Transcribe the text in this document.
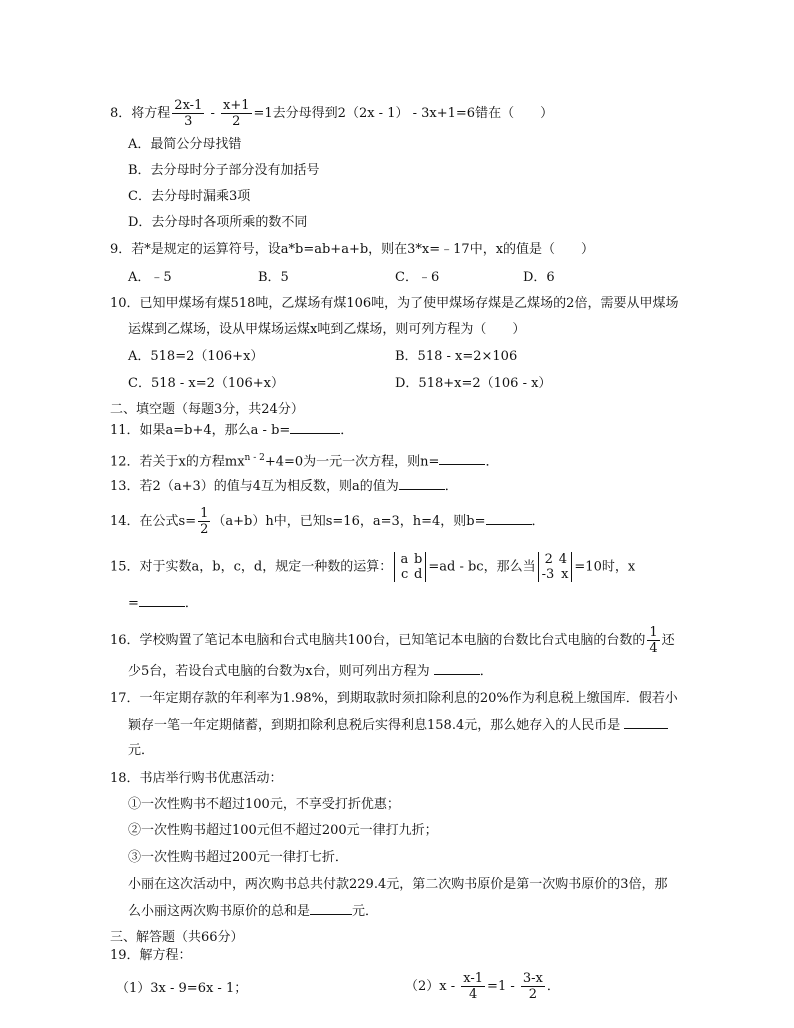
8．将方程 $\frac{2x-1}{3} - \frac{x+1}{2} =1$去分母得到2（2x - 1） - 3x+1=6错在（　　）
A．最简公分母找错
B．去分母时分子部分没有加括号
C．去分母时漏乘3项
D．去分母时各项所乘的数不同
9．若*是规定的运算符号，设a*b=ab+a+b，则在3*x=﹣17中，x的值是（　　）
A．﹣5	B．5	C．﹣6	D．6
10．已知甲煤场有煤518吨，乙煤场有煤106吨，为了使甲煤场存煤是乙煤场的2倍，需要从甲煤场
运煤到乙煤场，设从甲煤场运煤x吨到乙煤场，则可列方程为（　　）
A．518=2（106+x）	B．518 - x=2×106
C．518 - x=2（106+x）	D．518+x=2（106 - x）
二、填空题（每题3分，共24分）
11．如果a=b+4，那么a - b=	．
12．若关于x的方程$mx^{n - 2}+4=0$为一元一次方程，则n=	．
13．若2（a+3）的值与4互为相反数，则a的值为	．
14．在公式$s= \frac{1}{2} (a+b)h$中，已知s=16，a=3，h=4，则b=	．
15．对于实数a，b，c，d，规定一种数的运算： a b
c d =ad - bc，那么当 2 4
-3 x =10时，x
=	．
16．学校购置了笔记本电脑和台式电脑共100台，已知笔记本电脑的台数比台式电脑的台数的 $\frac{1}{4}$ 还
少5台，若设台式电脑的台数为x台，则可列出方程为	．
17．一年定期存款的年利率为1.98%，到期取款时须扣除利息的20%作为利息税上缴国库．假若小
颖存一笔一年定期储蓄，到期扣除利息税后实得利息158.4元，那么她存入的人民币是
元．
18．书店举行购书优惠活动：
①一次性购书不超过100元，不享受打折优惠；
②一次性购书超过100元但不超过200元一律打九折；
③一次性购书超过200元一律打七折．
小丽在这次活动中，两次购书总共付款229.4元，第二次购书原价是第一次购书原价的3倍，那
么小丽这两次购书原价的总和是	元．
三、解答题（共66分）
19．解方程：
（1）3x - 9=6x - 1；	$(2)x - \frac{x-1}{4} =1 - \frac{3-x}{2}$ ．
